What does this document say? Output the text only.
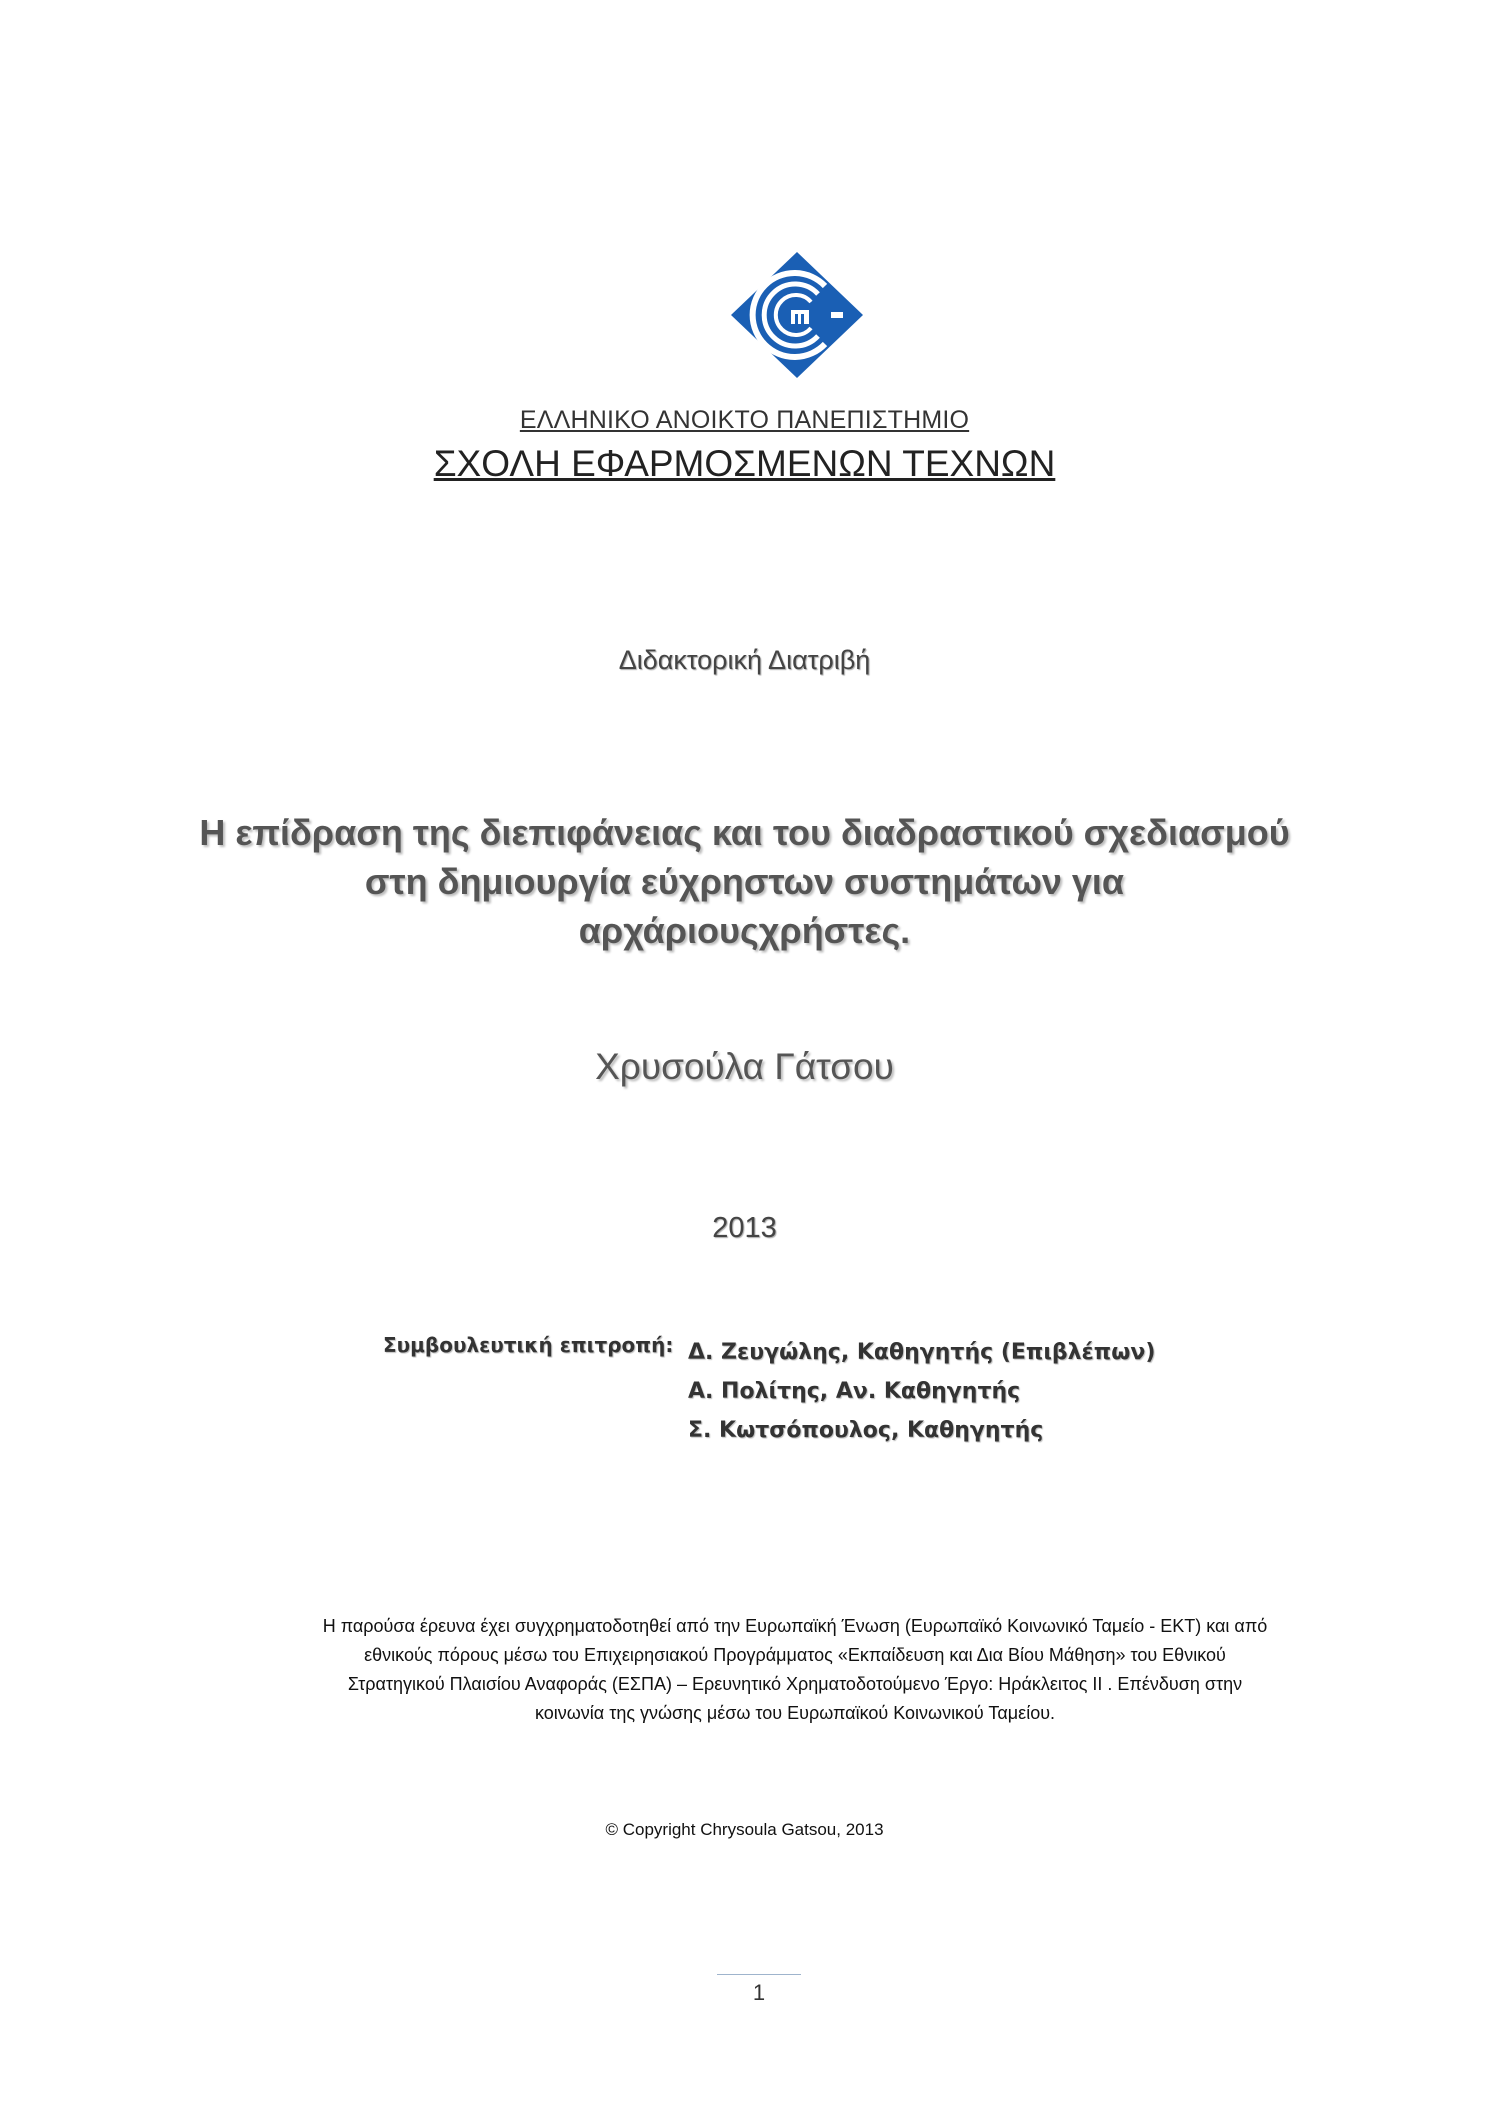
ΕΛΛΗΝΙΚΟ ΑΝΟΙΚΤΟ ΠΑΝΕΠΙΣΤΗΜΙΟ
ΣΧΟΛΗ ΕΦΑΡΜΟΣΜΕΝΩΝ ΤΕΧΝΩΝ
Διδακτορική Διατριβή
Η επίδραση της διεπιφάνειας και του διαδραστικού σχεδιασμού
στη δημιουργία εύχρηστων συστημάτων για
αρχάριουςχρήστες.
Χρυσούλα Γάτσου
2013
Συμβουλευτική επιτροπή: Δ. Ζευγώλης, Καθηγητής (Επιβλέπων)
Α. Πολίτης, Αν. Καθηγητής
Σ. Κωτσόπουλος, Καθηγητής
Η παρούσα έρευνα έχει συγχρηματοδοτηθεί από την Ευρωπαϊκή Ένωση (Ευρωπαϊκό Κοινωνικό Ταμείο - ΕΚΤ) και από
εθνικούς πόρους μέσω του Επιχειρησιακού Προγράμματος «Εκπαίδευση και Δια Βίου Μάθηση» του Εθνικού
Στρατηγικού Πλαισίου Αναφοράς (ΕΣΠΑ) – Ερευνητικό Χρηματοδοτούμενο Έργο: Ηράκλειτος ΙΙ . Επένδυση στην
κοινωνία της γνώσης μέσω του Ευρωπαϊκού Κοινωνικού Ταμείου.
© Copyright Chrysoula Gatsou, 2013
1
